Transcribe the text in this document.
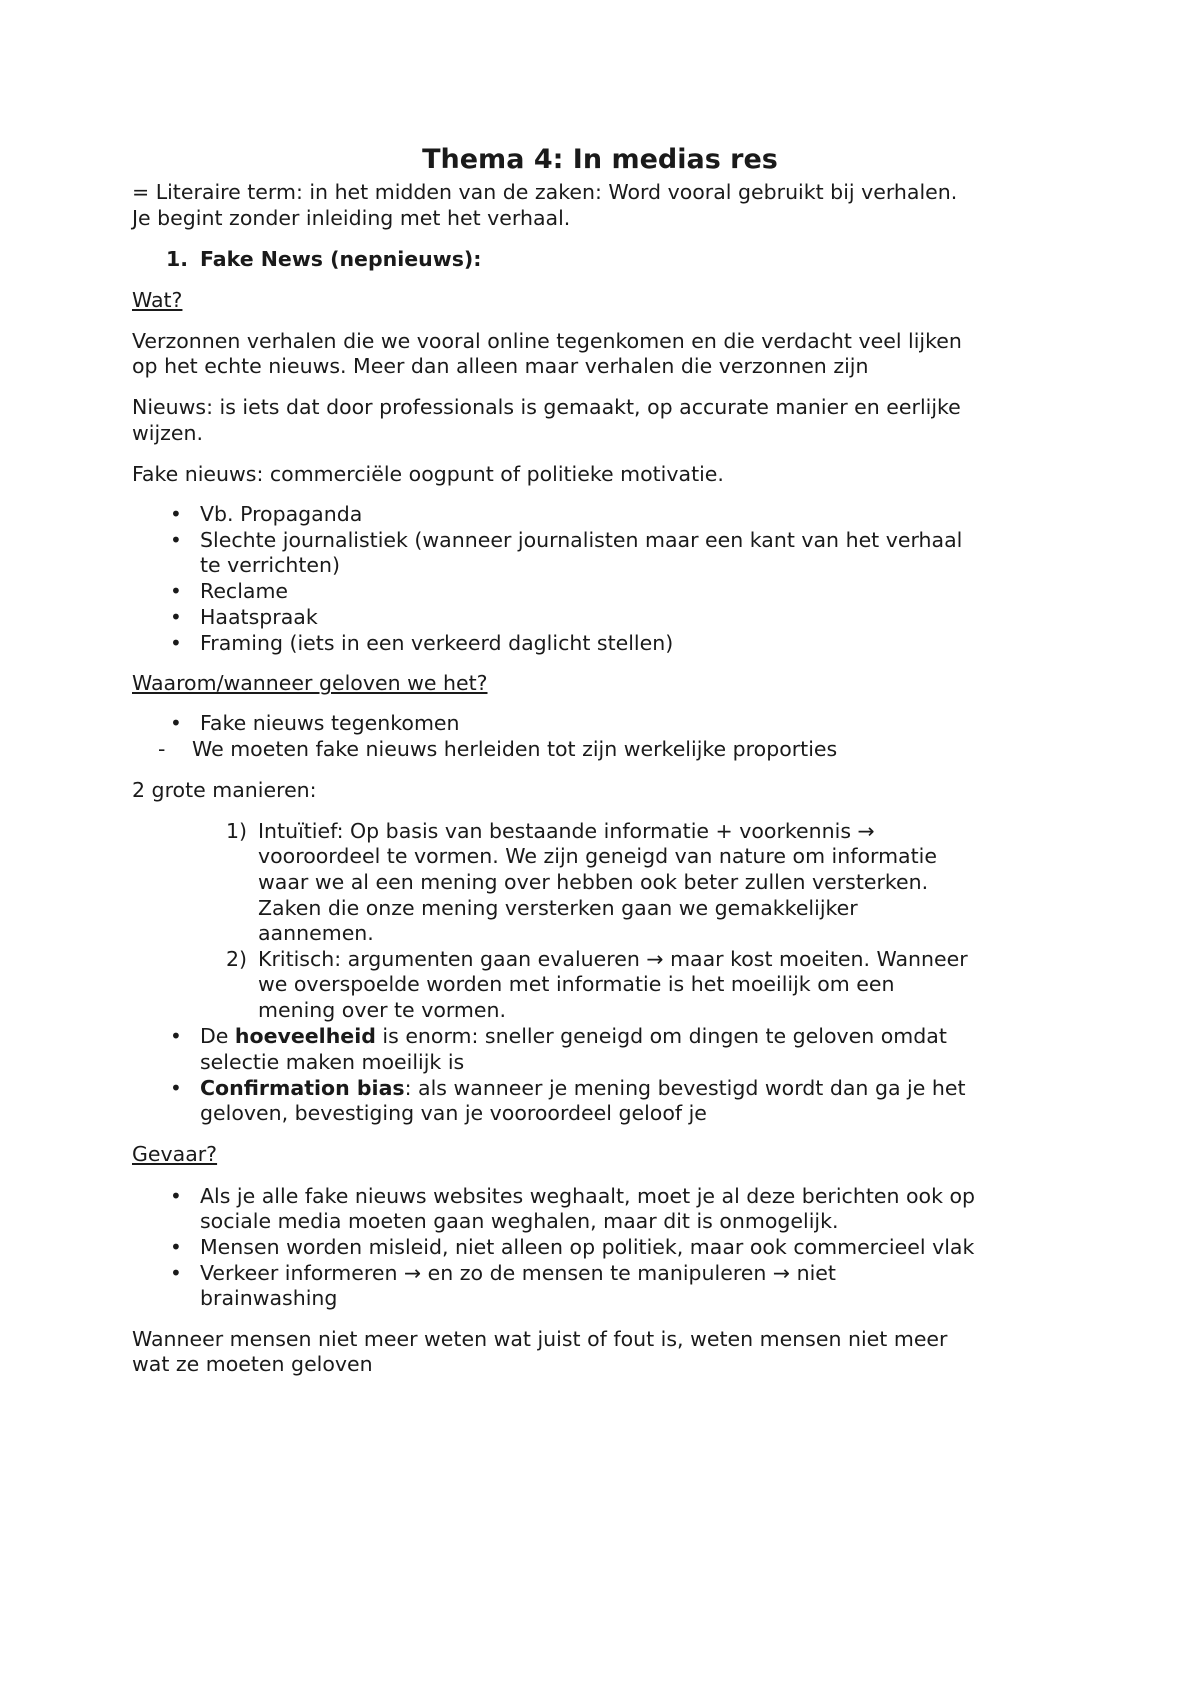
Thema 4: In medias res
= Literaire term: in het midden van de zaken: Word vooral gebruikt bij verhalen.
Je begint zonder inleiding met het verhaal.
1. Fake News (nepnieuws):
Wat?
Verzonnen verhalen die we vooral online tegenkomen en die verdacht veel lijken
op het echte nieuws. Meer dan alleen maar verhalen die verzonnen zijn
Nieuws: is iets dat door professionals is gemaakt, op accurate manier en eerlijke
wijzen.
Fake nieuws: commerciële oogpunt of politieke motivatie.
• Vb. Propaganda
• Slechte journalistiek (wanneer journalisten maar een kant van het verhaal
te verrichten)
• Reclame
• Haatspraak
• Framing (iets in een verkeerd daglicht stellen)
Waarom/wanneer geloven we het?
• Fake nieuws tegenkomen
- We moeten fake nieuws herleiden tot zijn werkelijke proporties
2 grote manieren:
1) Intuïtief: Op basis van bestaande informatie + voorkennis →
vooroordeel te vormen. We zijn geneigd van nature om informatie
waar we al een mening over hebben ook beter zullen versterken.
Zaken die onze mening versterken gaan we gemakkelijker
aannemen.
2) Kritisch: argumenten gaan evalueren → maar kost moeiten. Wanneer
we overspoelde worden met informatie is het moeilijk om een
mening over te vormen.
• De hoeveelheid is enorm: sneller geneigd om dingen te geloven omdat
selectie maken moeilijk is
• Confirmation bias: als wanneer je mening bevestigd wordt dan ga je het
geloven, bevestiging van je vooroordeel geloof je
Gevaar?
• Als je alle fake nieuws websites weghaalt, moet je al deze berichten ook op
sociale media moeten gaan weghalen, maar dit is onmogelijk.
• Mensen worden misleid, niet alleen op politiek, maar ook commercieel vlak
• Verkeer informeren → en zo de mensen te manipuleren → niet
brainwashing
Wanneer mensen niet meer weten wat juist of fout is, weten mensen niet meer
wat ze moeten geloven
